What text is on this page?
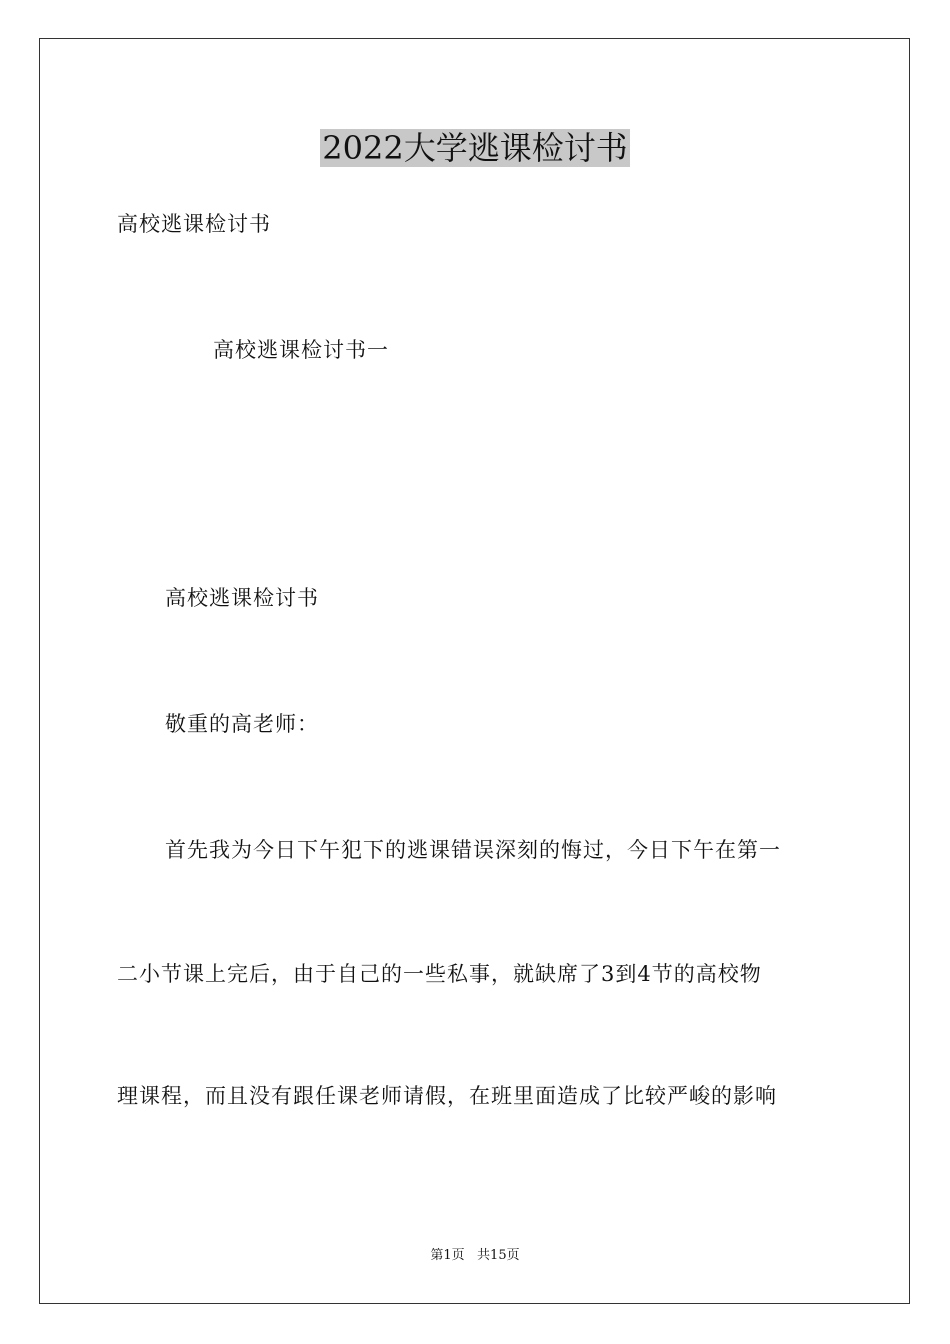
2022大学逃课检讨书

高校逃课检讨书

高校逃课检讨书一

高校逃课检讨书

敬重的高老师：

首先我为今日下午犯下的逃课错误深刻的悔过，今日下午在第一

二小节课上完后，由于自己的一些私事，就缺席了3到4节的高校物

理课程，而且没有跟任课老师请假，在班里面造成了比较严峻的影响

第1页   共15页
